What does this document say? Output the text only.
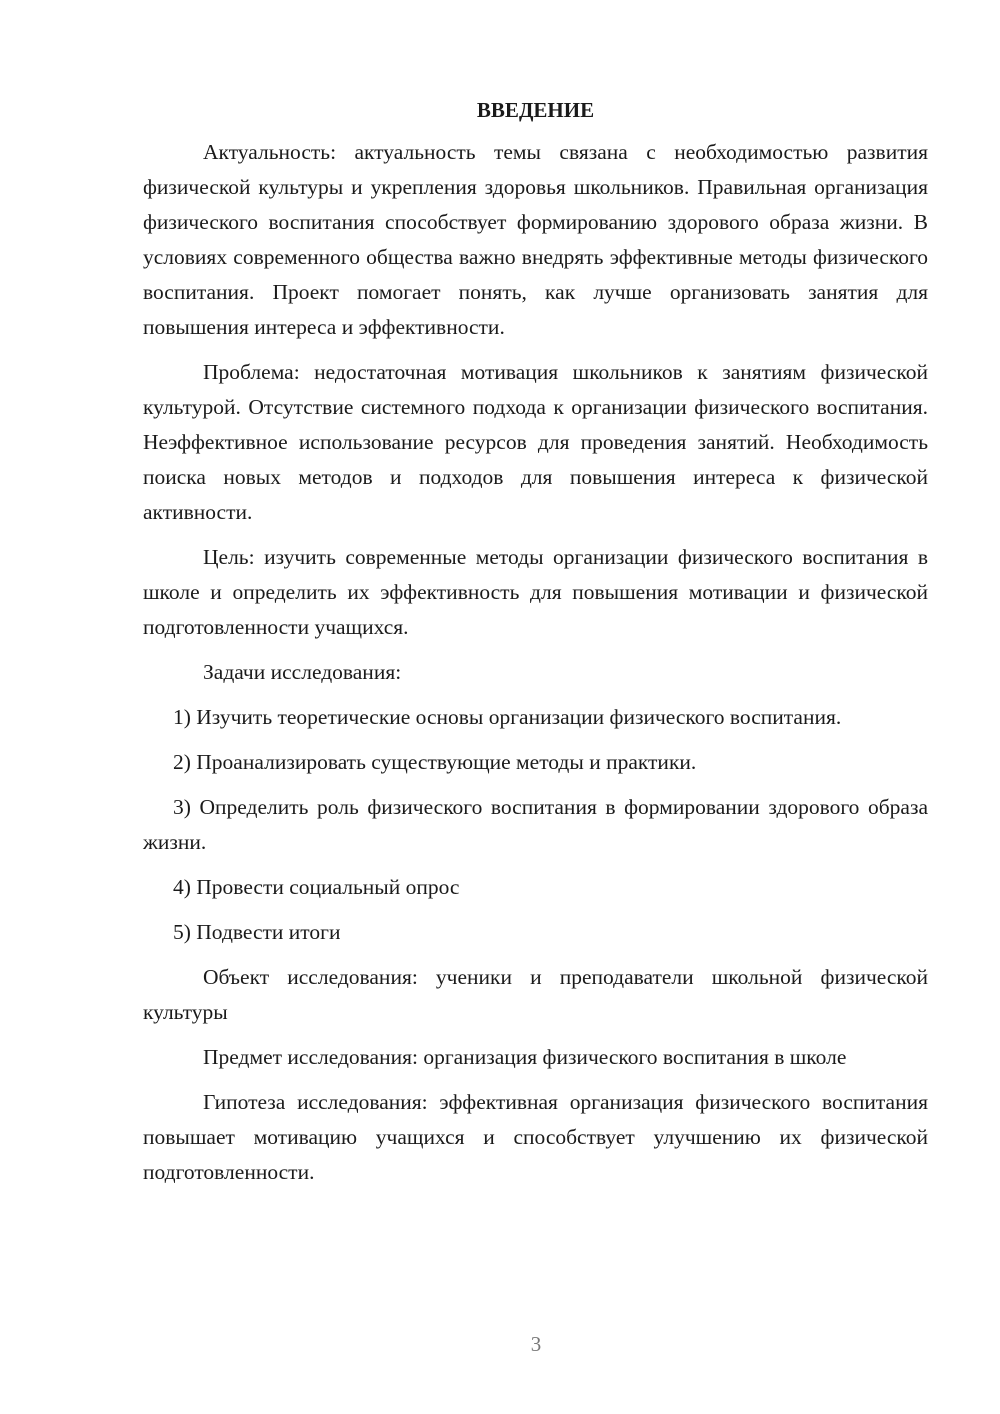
ВВЕДЕНИЕ
Актуальность: актуальность темы связана с необходимостью развития физической культуры и укрепления здоровья школьников. Правильная организация физического воспитания способствует формированию здорового образа жизни. В условиях современного общества важно внедрять эффективные методы физического воспитания. Проект помогает понять, как лучше организовать занятия для повышения интереса и эффективности.
Проблема: недостаточная мотивация школьников к занятиям физической культурой. Отсутствие системного подхода к организации физического воспитания. Неэффективное использование ресурсов для проведения занятий. Необходимость поиска новых методов и подходов для повышения интереса к физической активности.
Цель: изучить современные методы организации физического воспитания в школе и определить их эффективность для повышения мотивации и физической подготовленности учащихся.
Задачи исследования:
1) Изучить теоретические основы организации физического воспитания.
2) Проанализировать существующие методы и практики.
3) Определить роль физического воспитания в формировании здорового образа жизни.
4) Провести социальный опрос
5) Подвести итоги
Объект исследования: ученики и преподаватели школьной физической культуры
Предмет исследования: организация физического воспитания в школе
Гипотеза исследования: эффективная организация физического воспитания повышает мотивацию учащихся и способствует улучшению их физической подготовленности.
3
